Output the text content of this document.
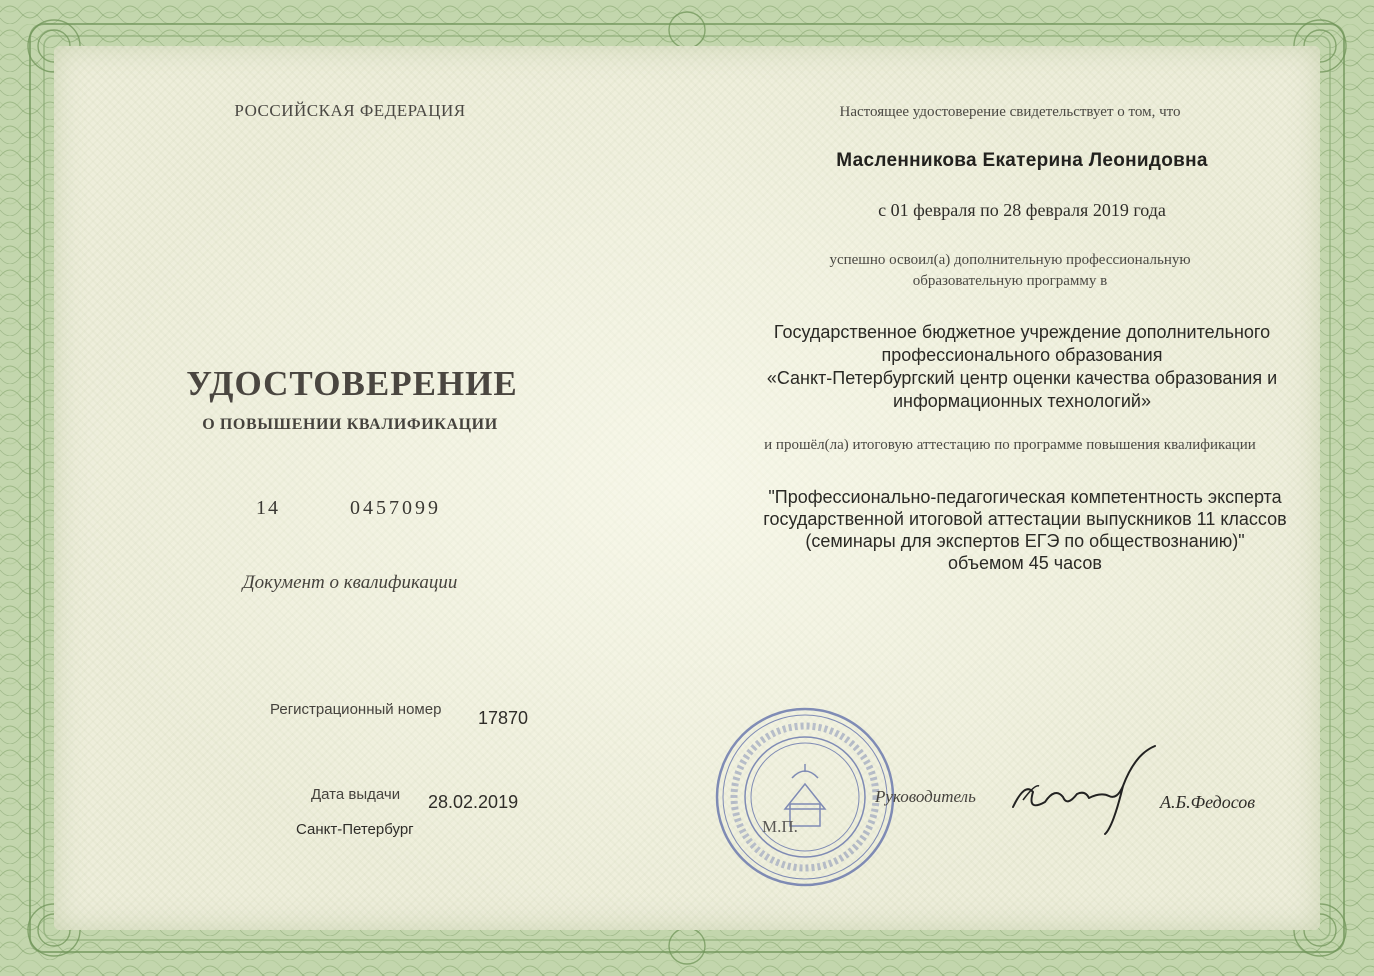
РОССИЙСКАЯ ФЕДЕРАЦИЯ
УДОСТОВЕРЕНИЕ
О ПОВЫШЕНИИ КВАЛИФИКАЦИИ
14	0457099
Документ о квалификации
Регистрационный номер 17870
Дата выдачи 28.02.2019
Санкт-Петербург
Настоящее удостоверение свидетельствует о том, что
Масленникова Екатерина Леонидовна
с 01 февраля по 28 февраля 2019 года
успешно освоил(а) дополнительную профессиональную
образовательную программу в
Государственное бюджетное учреждение дополнительного
профессионального образования
«Санкт-Петербургский центр оценки качества образования и
информационных технологий»
и прошёл(ла) итоговую аттестацию по программе повышения квалификации
"Профессионально-педагогическая компетентность эксперта
государственной итоговой аттестации выпускников 11 классов
(семинары для экспертов ЕГЭ по обществознанию)"
объемом 45 часов
М.П.
Руководитель	А.Б.Федосов
